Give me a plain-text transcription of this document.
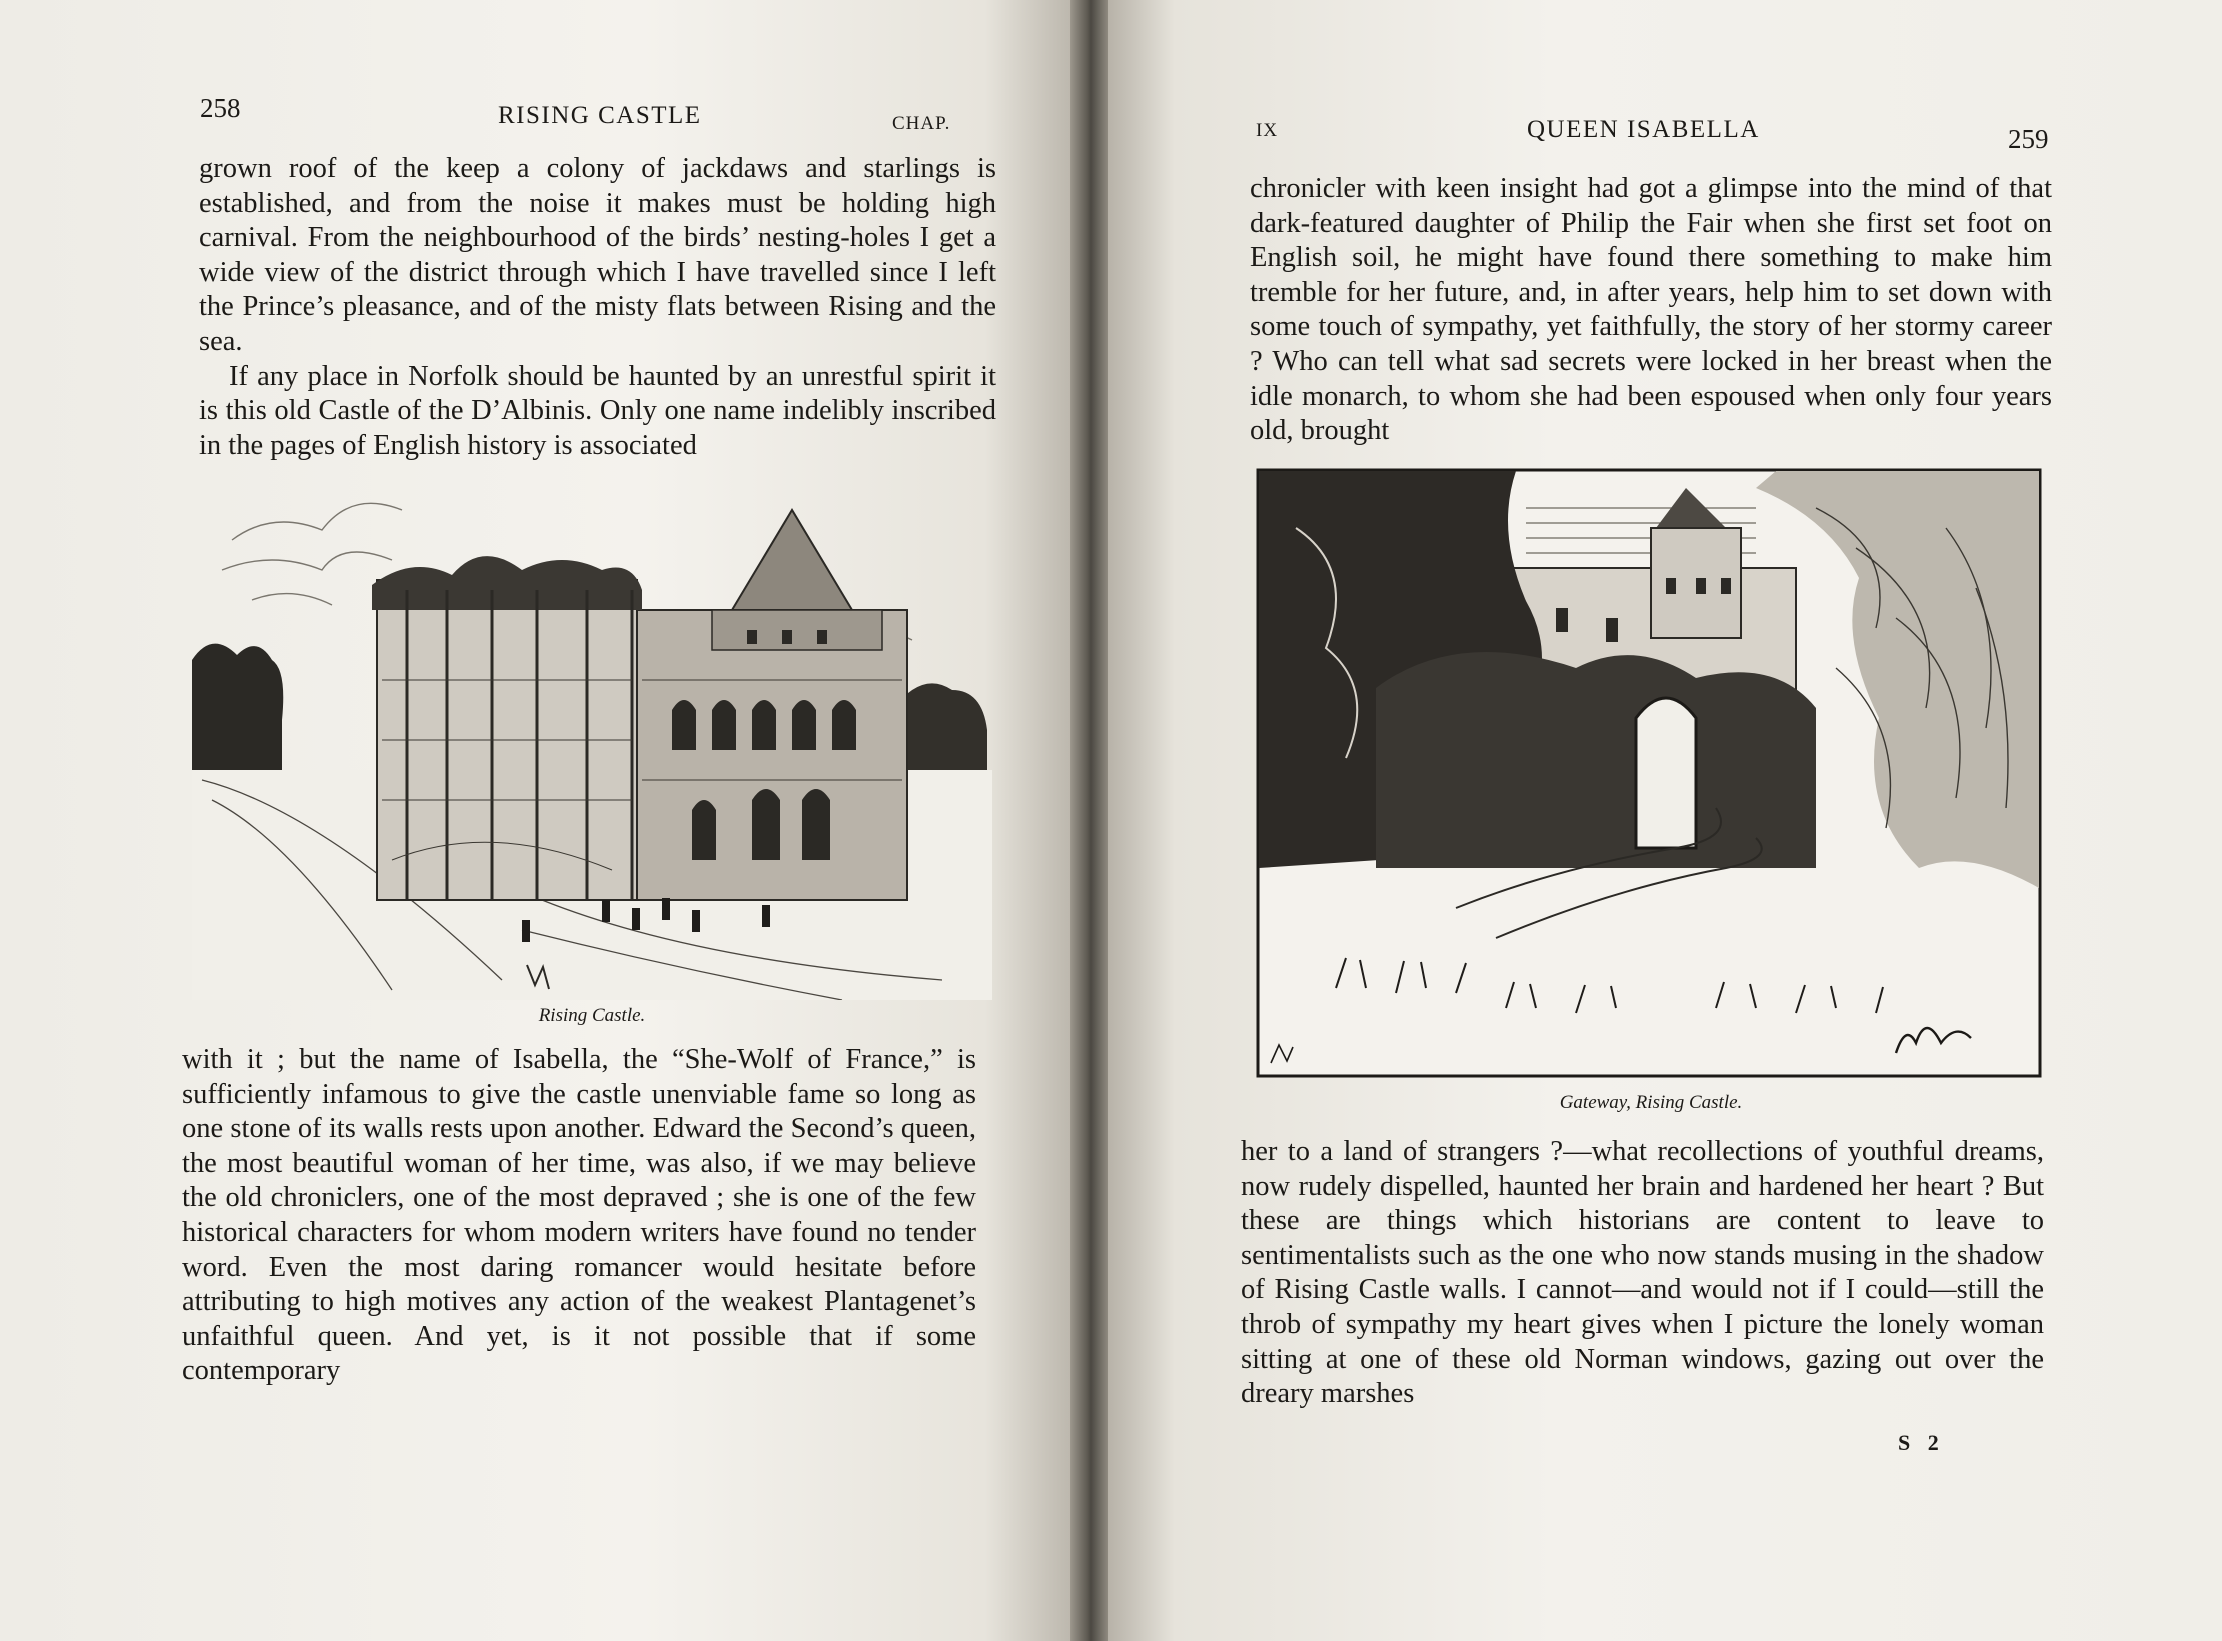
258	RISING CASTLE	CHAP.

grown roof of the keep a colony of jackdaws and starlings is established, and from the noise it makes must be holding high carnival. From the neighbourhood of the birds’ nesting-holes I get a wide view of the district through which I have travelled since I left the Prince’s pleasance, and of the misty flats between Rising and the sea.

If any place in Norfolk should be haunted by an unrestful spirit it is this old Castle of the D’Albinis. Only one name indelibly inscribed in the pages of English history is associated

Rising Castle.

with it ; but the name of Isabella, the “She-Wolf of France,” is sufficiently infamous to give the castle unenviable fame so long as one stone of its walls rests upon another. Edward the Second’s queen, the most beautiful woman of her time, was also, if we may believe the old chroniclers, one of the most depraved ; she is one of the few historical characters for whom modern writers have found no tender word. Even the most daring romancer would hesitate before attributing to high motives any action of the weakest Plantagenet’s unfaithful queen. And yet, is it not possible that if some contemporary

IX	QUEEN ISABELLA	259

chronicler with keen insight had got a glimpse into the mind of that dark-featured daughter of Philip the Fair when she first set foot on English soil, he might have found there something to make him tremble for her future, and, in after years, help him to set down with some touch of sympathy, yet faithfully, the story of her stormy career ? Who can tell what sad secrets were locked in her breast when the idle monarch, to whom she had been espoused when only four years old, brought

Gateway, Rising Castle.

her to a land of strangers ?—what recollections of youthful dreams, now rudely dispelled, haunted her brain and hardened her heart ? But these are things which historians are content to leave to sentimentalists such as the one who now stands musing in the shadow of Rising Castle walls. I cannot—and would not if I could—still the throb of sympathy my heart gives when I picture the lonely woman sitting at one of these old Norman windows, gazing out over the dreary marshes

S 2
